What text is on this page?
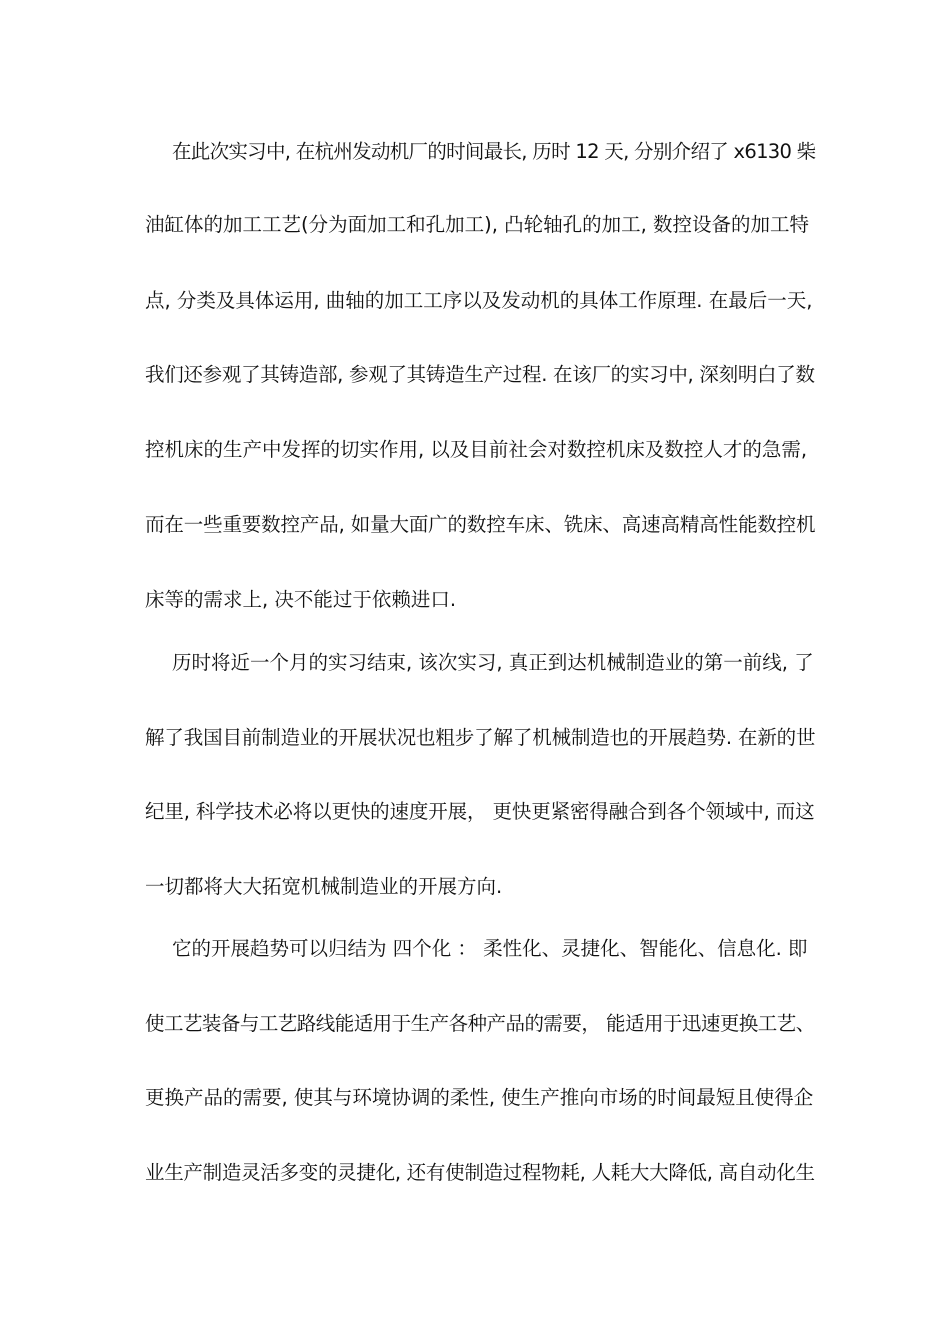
在此次实习中, 在杭州发动机厂的时间最长, 历时 12 天, 分别介绍了 x6130 柴
油缸体的加工工艺(分为面加工和孔加工), 凸轮轴孔的加工, 数控设备的加工特
点, 分类及具体运用, 曲轴的加工工序以及发动机的具体工作原理. 在最后一天,
我们还参观了其铸造部, 参观了其铸造生产过程. 在该厂的实习中, 深刻明白了数
控机床的生产中发挥的切实作用, 以及目前社会对数控机床及数控人才的急需,
而在一些重要数控产品, 如量大面广的数控车床、铣床、高速高精高性能数控机
床等的需求上, 决不能过于依赖进口.
历时将近一个月的实习结束, 该次实习, 真正到达机械制造业的第一前线, 了
解了我国目前制造业的开展状况也粗步了解了机械制造也的开展趋势. 在新的世
纪里, 科学技术必将以更快的速度开展， 更快更紧密得融合到各个领域中, 而这
一切都将大大拓宽机械制造业的开展方向.
它的开展趋势可以归结为 四个化 ： 柔性化、灵捷化、智能化、信息化. 即
使工艺装备与工艺路线能适用于生产各种产品的需要， 能适用于迅速更换工艺、
更换产品的需要, 使其与环境协调的柔性, 使生产推向市场的时间最短且使得企
业生产制造灵活多变的灵捷化, 还有使制造过程物耗, 人耗大大降低, 高自动化生
